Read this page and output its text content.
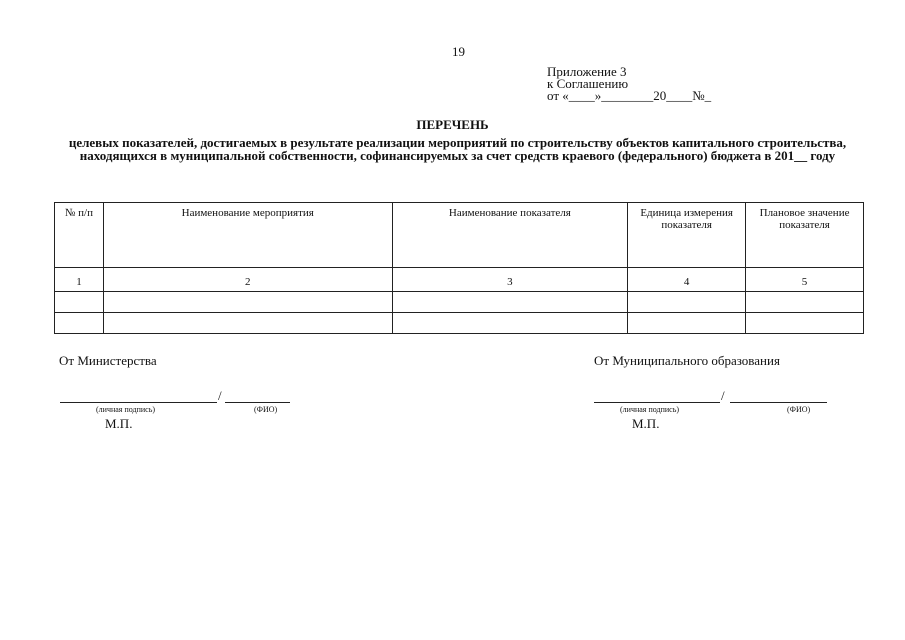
19
Приложение 3
к Соглашению
от «____»________20____№_
ПЕРЕЧЕНЬ
целевых показателей, достигаемых в результате реализации мероприятий по строительству объектов капитального строительства, находящихся в муниципальной собственности, софинансируемых за счет средств краевого (федерального) бюджета в 201__ году
№ п/п	Наименование мероприятия	Наименование показателя	Единица измерения показателя	Плановое значение показателя
1	2	3	4	5

От Министерства
/
(личная подпись)	(ФИО)
М.П.
От Муниципального образования
/
(личная подпись)	(ФИО)
М.П.
